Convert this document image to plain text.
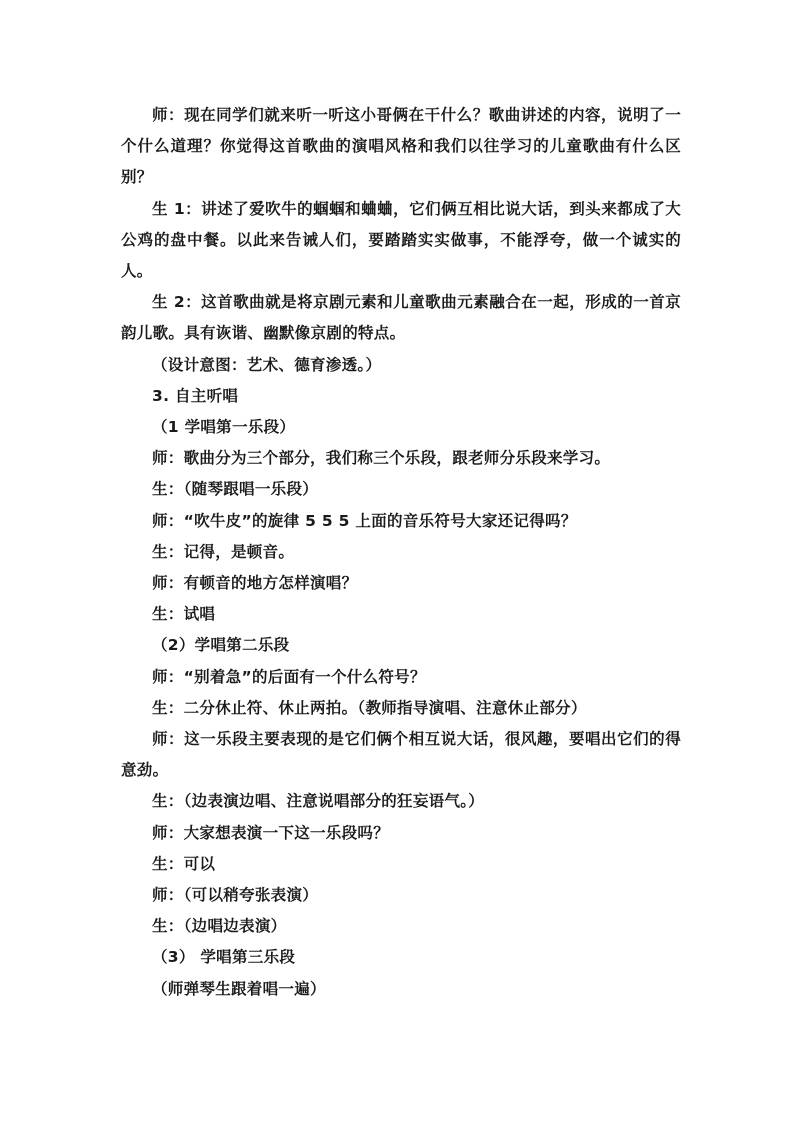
师：现在同学们就来听一听这小哥俩在干什么？歌曲讲述的内容，说明了一个什么道理？你觉得这首歌曲的演唱风格和我们以往学习的儿童歌曲有什么区别？

生 1：讲述了爱吹牛的蝈蝈和蛐蛐，它们俩互相比说大话，到头来都成了大公鸡的盘中餐。以此来告诫人们，要踏踏实实做事，不能浮夸，做一个诚实的人。

生 2：这首歌曲就是将京剧元素和儿童歌曲元素融合在一起，形成的一首京韵儿歌。具有诙谐、幽默像京剧的特点。

（设计意图：艺术、德育渗透。）

3. 自主听唱

（1 学唱第一乐段）

师：歌曲分为三个部分，我们称三个乐段，跟老师分乐段来学习。

生：（随琴跟唱一乐段）

师：“吹牛皮”的旋律 5 5 5 上面的音乐符号大家还记得吗？

生：记得，是顿音。

师：有顿音的地方怎样演唱？

生：试唱

（2）学唱第二乐段

师：“别着急”的后面有一个什么符号？

生：二分休止符、休止两拍。（教师指导演唱、注意休止部分）

师：这一乐段主要表现的是它们俩个相互说大话，很风趣，要唱出它们的得意劲。

生：（边表演边唱、注意说唱部分的狂妄语气。）

师：大家想表演一下这一乐段吗？

生：可以

师：（可以稍夸张表演）

生：（边唱边表演）

（3） 学唱第三乐段

（师弹琴生跟着唱一遍）
